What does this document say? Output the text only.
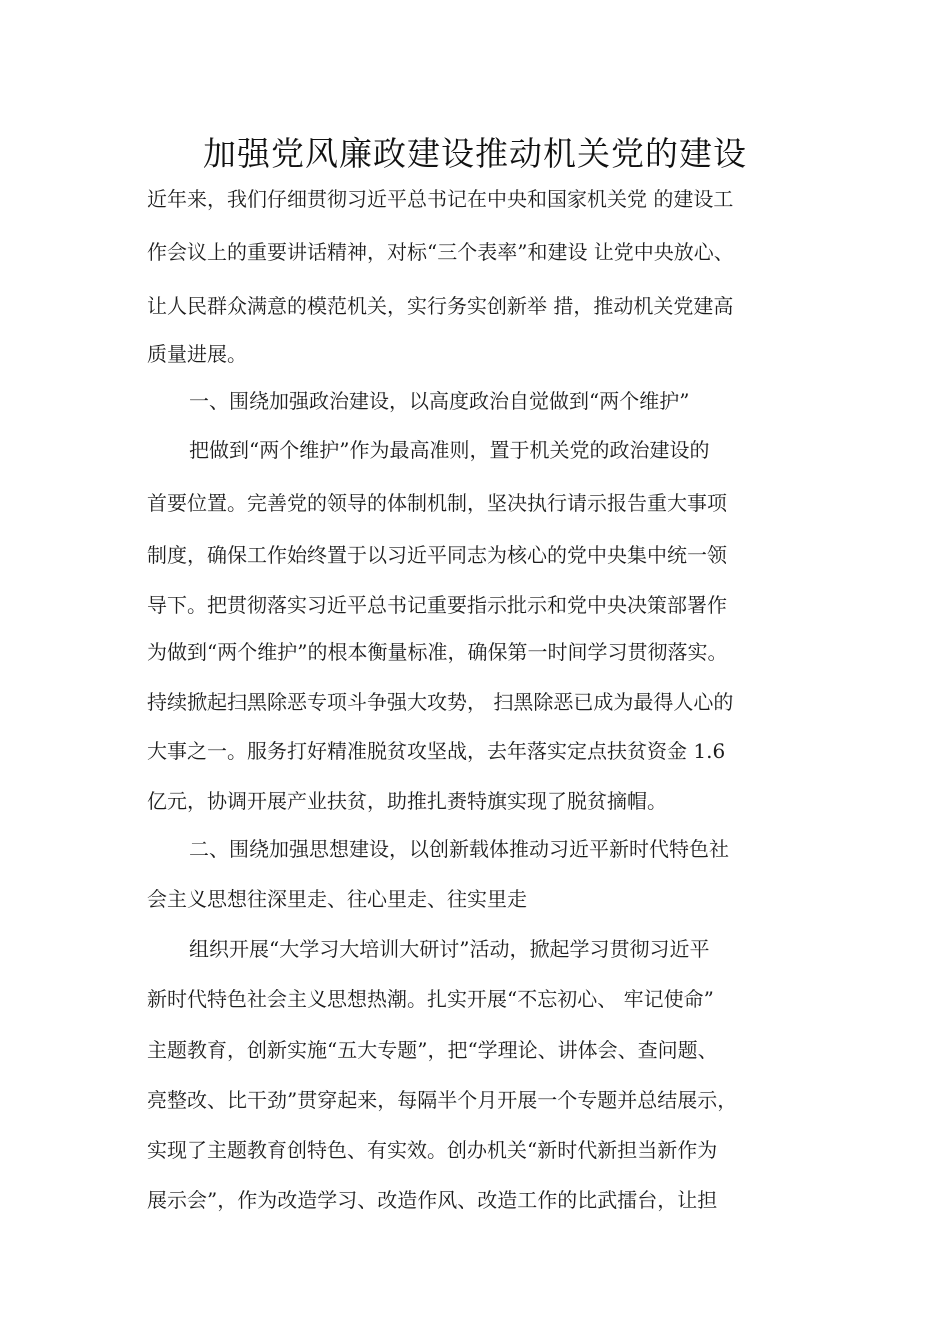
加强党风廉政建设推动机关党的建设
近年来，我们仔细贯彻习近平总书记在中央和国家机关党 的建设工
作会议上的重要讲话精神，对标“三个表率”和建设 让党中央放心、
让人民群众满意的模范机关，实行务实创新举 措，推动机关党建高
质量进展。
一、围绕加强政治建设，以高度政治自觉做到“两个维护”
把做到“两个维护”作为最高准则，置于机关党的政治建设的
首要位置。完善党的领导的体制机制，坚决执行请示报告重大事项
制度，确保工作始终置于以习近平同志为核心的党中央集中统一领
导下。把贯彻落实习近平总书记重要指示批示和党中央决策部署作
为做到“两个维护”的根本衡量标准，确保第一时间学习贯彻落实。
持续掀起扫黑除恶专项斗争强大攻势， 扫黑除恶已成为最得人心的
大事之一。服务打好精准脱贫攻坚战，去年落实定点扶贫资金 1.6
亿元，协调开展产业扶贫，助推扎赉特旗实现了脱贫摘帽。
二、围绕加强思想建设，以创新载体推动习近平新时代特色社
会主义思想往深里走、往心里走、往实里走
组织开展“大学习大培训大研讨”活动，掀起学习贯彻习近平
新时代特色社会主义思想热潮。扎实开展“不忘初心、 牢记使命”
主题教育，创新实施“五大专题”，把“学理论、讲体会、查问题、
亮整改、比干劲”贯穿起来，每隔半个月开展一个专题并总结展示，
实现了主题教育创特色、有实效。创办机关“新时代新担当新作为
展示会”，作为改造学习、改造作风、改造工作的比武擂台，让担
